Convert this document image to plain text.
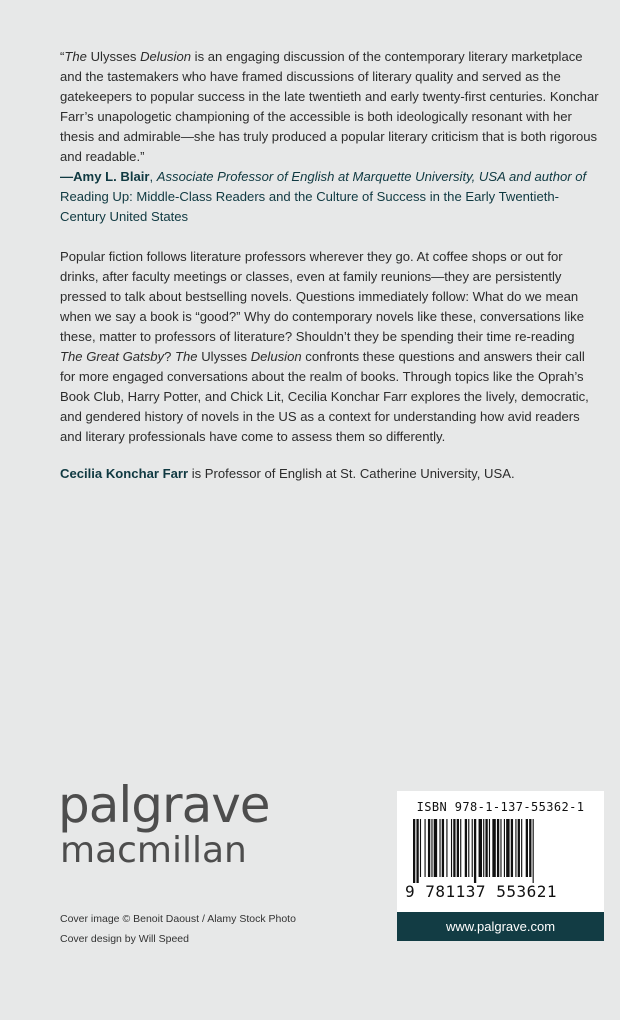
“The Ulysses Delusion is an engaging discussion of the contemporary literary marketplace and the tastemakers who have framed discussions of literary quality and served as the gatekeepers to popular success in the late twentieth and early twenty-first centuries. Konchar Farr’s unapologetic championing of the accessible is both ideologically resonant with her thesis and admirable—she has truly produced a popular literary criticism that is both rigorous and readable.”

—Amy L. Blair, Associate Professor of English at Marquette University, USA and author of
Reading Up: Middle-Class Readers and the Culture of Success in the Early Twentieth-Century United States

Popular fiction follows literature professors wherever they go. At coffee shops or out for drinks, after faculty meetings or classes, even at family reunions—they are persistently pressed to talk about bestselling novels. Questions immediately follow: What do we mean when we say a book is “good?” Why do contemporary novels like these, conversations like these, matter to professors of literature? Shouldn’t they be spending their time re-reading The Great Gatsby? The Ulysses Delusion confronts these questions and answers their call for more engaged conversations about the realm of books. Through topics like the Oprah’s Book Club, Harry Potter, and Chick Lit, Cecilia Konchar Farr explores the lively, democratic, and gendered history of novels in the US as a context for understanding how avid readers and literary professionals have come to assess them so differently.

Cecilia Konchar Farr is Professor of English at St. Catherine University, USA.

palgrave
macmillan
Cover image © Benoit Daoust / Alamy Stock Photo
Cover design by Will Speed
ISBN 978-1-137-55362-1
9 781137 553621
www.palgrave.com
